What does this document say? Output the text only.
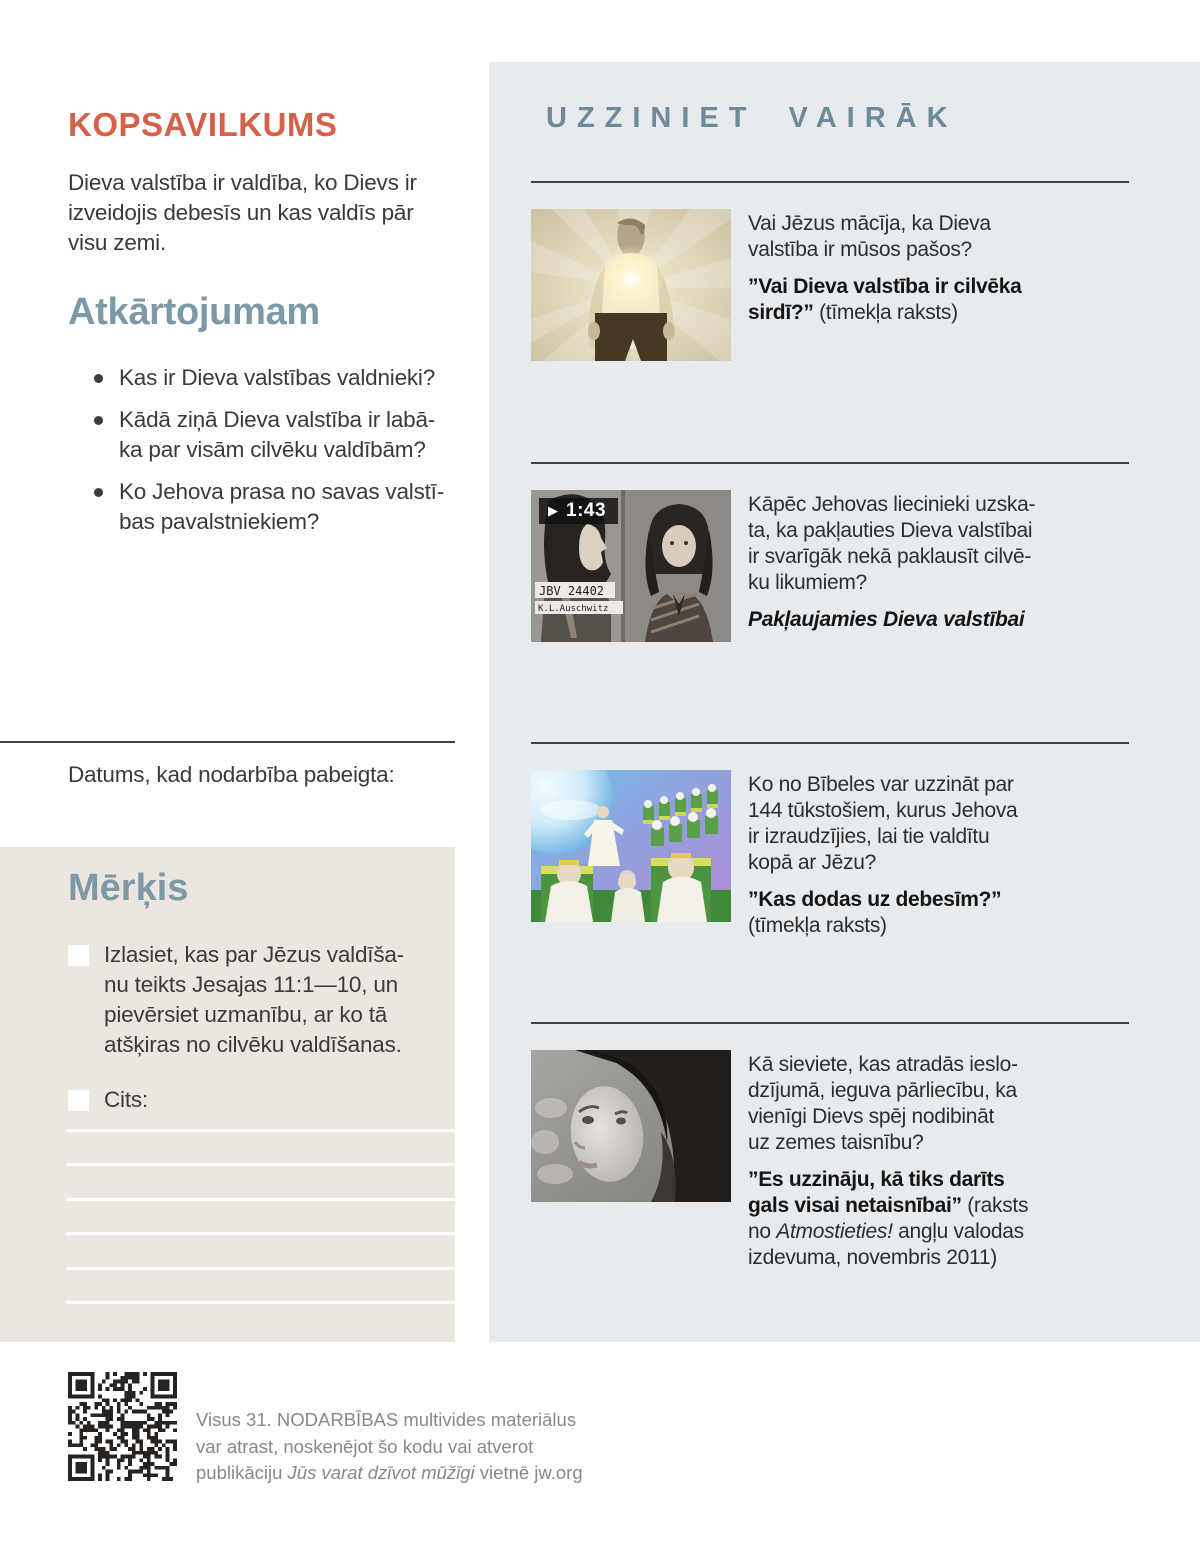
KOPSAVILKUMS
Dieva valstība ir valdība, ko Dievs ir
izveidojis debesīs un kas valdīs pār
visu zemi.
Atkārtojumam
Kas ir Dieva valstības valdnieki?
Kādā ziņā Dieva valstība ir labā-
ka par visām cilvēku valdībām?
Ko Jehova prasa no savas valstī-
bas pavalstniekiem?
Datums, kad nodarbība pabeigta:
Mērķis
Izlasiet, kas par Jēzus valdīša-
nu teikts Jesajas 11:1—10, un
pievērsiet uzmanību, ar ko tā
atšķiras no cilvēku valdīšanas.
Cits:
Visus 31. NODARBĪBAS multivides materiālus
var atrast, noskenējot šo kodu vai atverot
publikāciju Jūs varat dzīvot mūžīgi vietnē jw.org
UZZINIET VAIRĀK
Vai Jēzus mācīja, ka Dieva
valstība ir mūsos pašos?
”Vai Dieva valstība ir cilvēka
sirdī?” (tīmekļa raksts)
JBV 24402
K.L.Auschwitz
▶ 1:43	Kāpēc Jehovas liecinieki uzska-
ta, ka pakļauties Dieva valstībai
ir svarīgāk nekā paklausīt cilvē-
ku likumiem?
Pakļaujamies Dieva valstībai
Ko no Bībeles var uzzināt par
144 tūkstošiem, kurus Jehova
ir izraudzījies, lai tie valdītu
kopā ar Jēzu?
”Kas dodas uz debesīm?”
(tīmekļa raksts)
Kā sieviete, kas atradās ieslo-
dzījumā, ieguva pārliecību, ka
vienīgi Dievs spēj nodibināt
uz zemes taisnību?
”Es uzzināju, kā tiks darīts
gals visai netaisnībai” (raksts
no Atmostieties! angļu valodas
izdevuma, novembris 2011)
